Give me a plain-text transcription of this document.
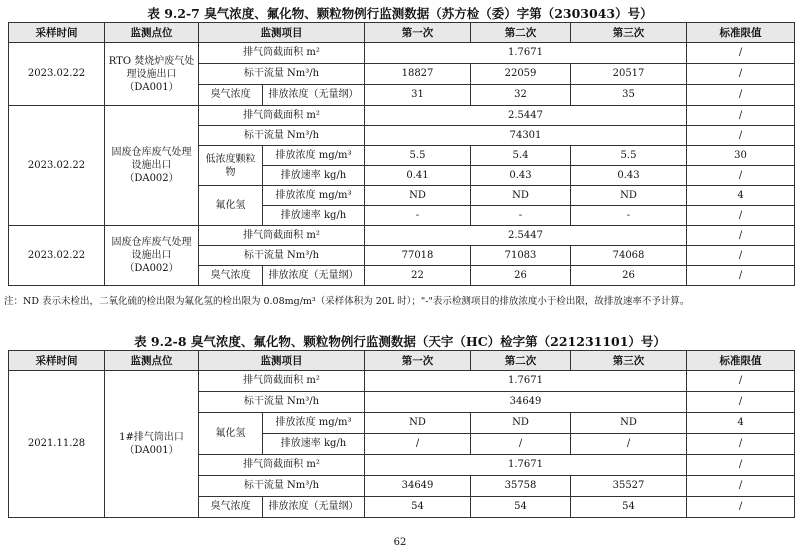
表 9.2-7 臭气浓度、氟化物、颗粒物例行监测数据（苏方检（委）字第（2303043）号）
采样时间	监测点位	监测项目		第一次	第二次	第三次	标准限值	
2023.02.22	RTO 焚烧炉废气处理设施出口（DA001）	排气筒截面积 m²		1.7671			/	
		标干流量 Nm³/h		18827	22059	20517	/	
		臭气浓度	排放浓度（无量纲）	31	32	35	/	
2023.02.22	固废仓库废气处理设施出口（DA002）	排气筒截面积 m²		2.5447			/	
		标干流量 Nm³/h		74301			/	
		低浓度颗粒物	排放浓度 mg/m³	5.5	5.4	5.5	30	
			排放速率 kg/h	0.41	0.43	0.43	/	
		氟化氢	排放浓度 mg/m³	ND	ND	ND	4	
			排放速率 kg/h	-	-	-	/	
2023.02.22	固废仓库废气处理设施出口（DA002）	排气筒截面积 m²		2.5447			/	
		标干流量 Nm³/h		77018	71083	74068	/	
		臭气浓度	排放浓度（无量纲）	22	26	26	/	
注：ND 表示未检出，二氧化硫的检出限为氟化氢的检出限为 0.08mg/m³（采样体积为 20L 时）；"-"表示检测项目的排放浓度小于检出限，故排放速率不予计算。
表 9.2-8 臭气浓度、氟化物、颗粒物例行监测数据（天宇（HC）检字第（221231101）号）
采样时间	监测点位	监测项目		第一次	第二次	第三次	标准限值	
2021.11.28	1#排气筒出口（DA001）	排气筒截面积 m²		1.7671			/	
		标干流量 Nm³/h		34649			/	
		氟化氢	排放浓度 mg/m³	ND	ND	ND	4	
			排放速率 kg/h	/	/	/	/	
		排气筒截面积 m²		1.7671			/	
		标干流量 Nm³/h		34649	35758	35527	/	
		臭气浓度	排放浓度（无量纲）	54	54	54	/	
62
